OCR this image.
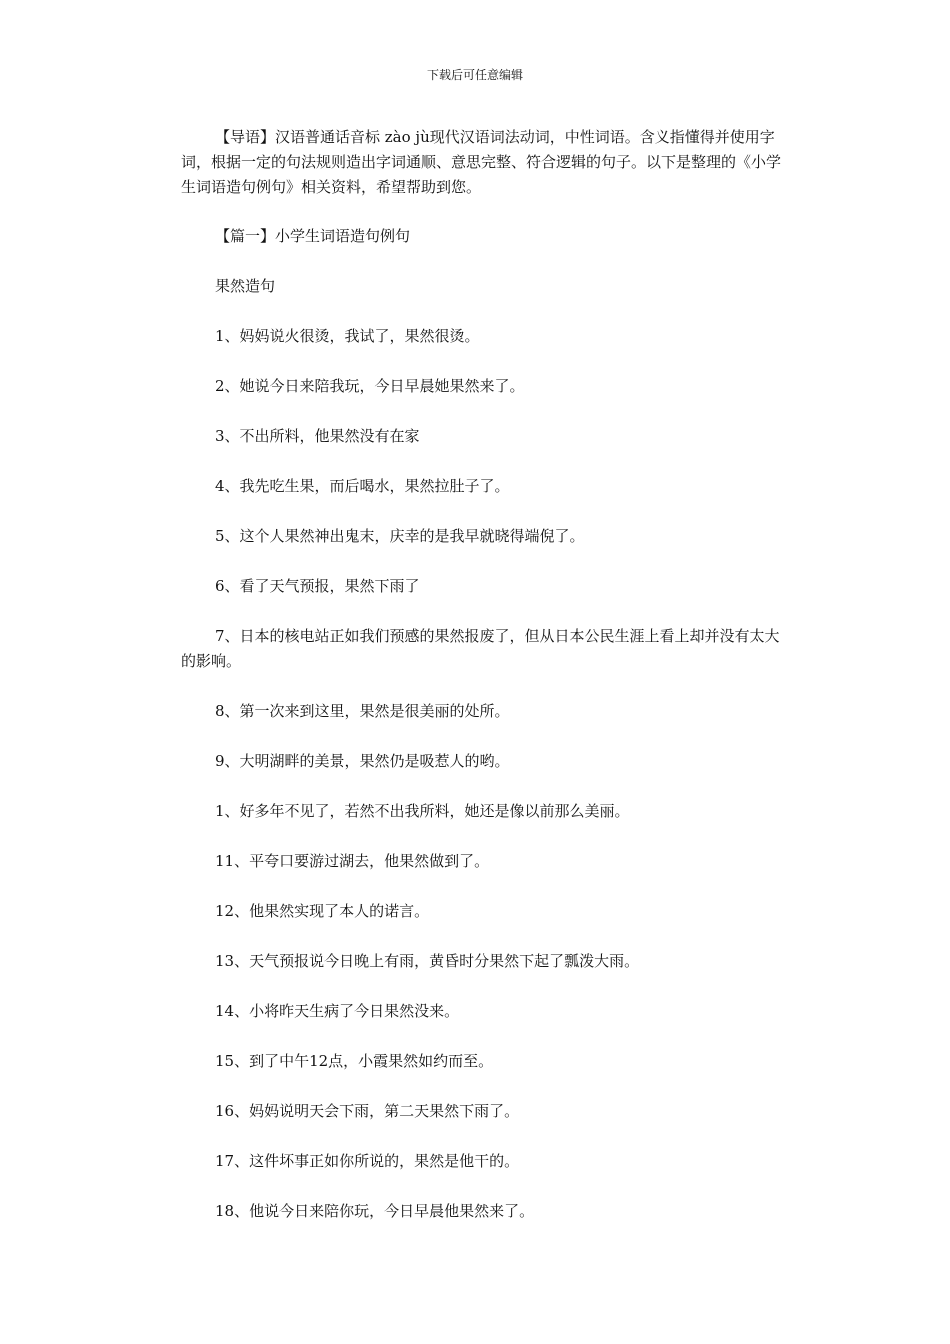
下载后可任意编辑

【导语】汉语普通话音标 zào jù现代汉语词法动词，中性词语。含义指懂得并使用字词，根据一定的句法规则造出字词通顺、意思完整、符合逻辑的句子。以下是整理的《小学生词语造句例句》相关资料，希望帮助到您。

【篇一】小学生词语造句例句

果然造句

1、妈妈说火很烫，我试了，果然很烫。

2、她说今日来陪我玩，今日早晨她果然来了。

3、不出所料，他果然没有在家

4、我先吃生果，而后喝水，果然拉肚子了。

5、这个人果然神出鬼末，庆幸的是我早就晓得端倪了。

6、看了天气预报，果然下雨了

7、日本的核电站正如我们预感的果然报废了，但从日本公民生涯上看上却并没有太大的影响。

8、第一次来到这里，果然是很美丽的处所。

9、大明湖畔的美景，果然仍是吸惹人的哟。

1、好多年不见了，若然不出我所料，她还是像以前那么美丽。

11、平夸口要游过湖去，他果然做到了。

12、他果然实现了本人的诺言。

13、天气预报说今日晚上有雨，黄昏时分果然下起了瓢泼大雨。

14、小将昨天生病了今日果然没来。

15、到了中午12点，小霞果然如约而至。

16、妈妈说明天会下雨，第二天果然下雨了。

17、这件坏事正如你所说的，果然是他干的。

18、他说今日来陪你玩，今日早晨他果然来了。
